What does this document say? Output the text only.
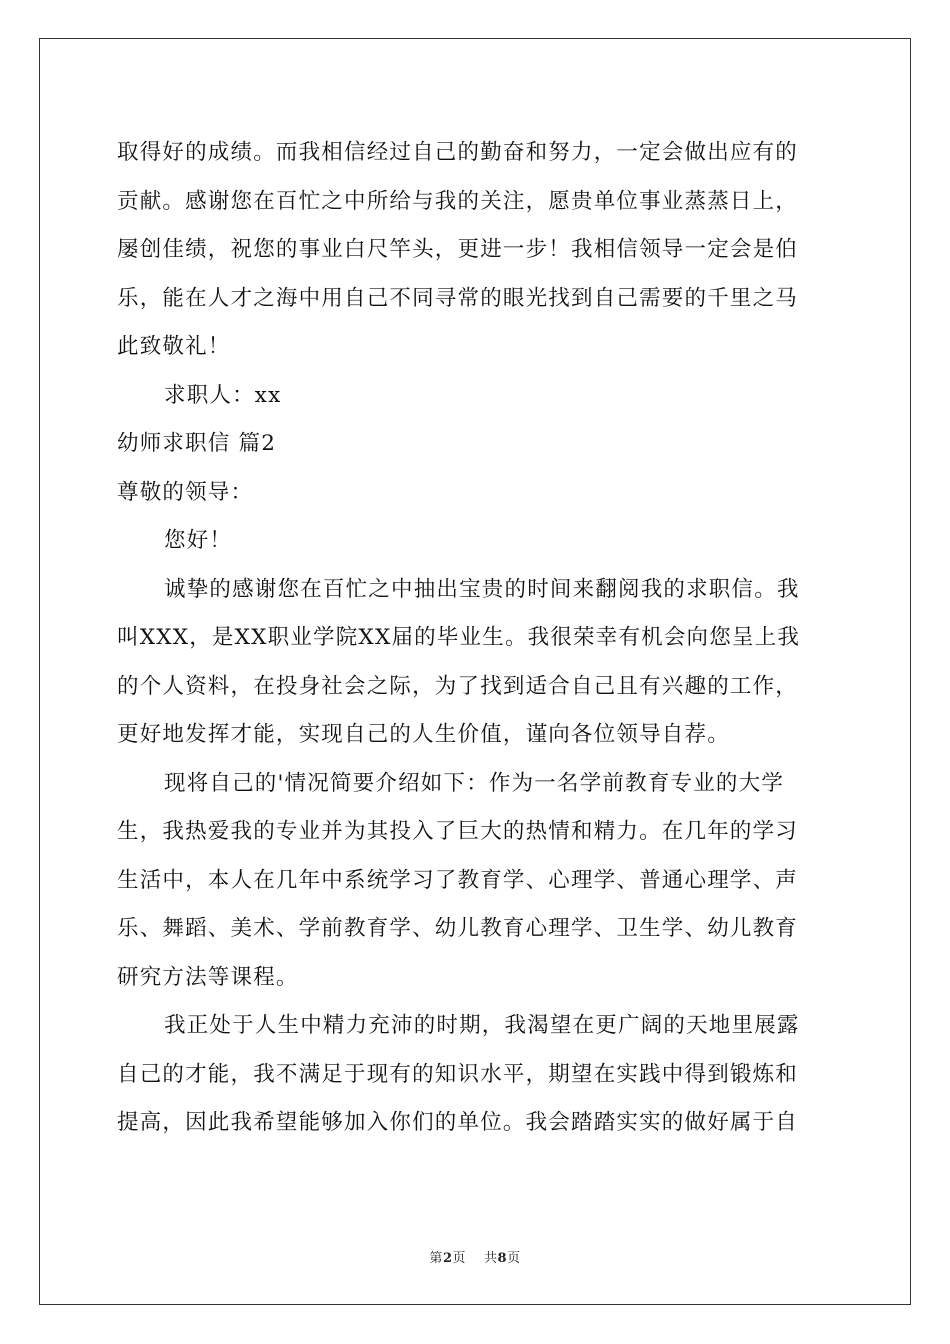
取得好的成绩。而我相信经过自己的勤奋和努力，一定会做出应有的
贡献。感谢您在百忙之中所给与我的关注，愿贵单位事业蒸蒸日上，
屡创佳绩，祝您的事业白尺竿头，更进一步！我相信领导一定会是伯
乐，能在人才之海中用自己不同寻常的眼光找到自己需要的千里之马
此致敬礼！
求职人：xx
幼师求职信 篇2
尊敬的领导：
您好！
诚挚的感谢您在百忙之中抽出宝贵的时间来翻阅我的求职信。我
叫XXX，是XX职业学院XX届的毕业生。我很荣幸有机会向您呈上我
的个人资料，在投身社会之际，为了找到适合自己且有兴趣的工作，
更好地发挥才能，实现自己的人生价值，谨向各位领导自荐。
现将自己的'情况简要介绍如下：作为一名学前教育专业的大学
生，我热爱我的专业并为其投入了巨大的热情和精力。在几年的学习
生活中，本人在几年中系统学习了教育学、心理学、普通心理学、声
乐、舞蹈、美术、学前教育学、幼儿教育心理学、卫生学、幼儿教育
研究方法等课程。
我正处于人生中精力充沛的时期，我渴望在更广阔的天地里展露
自己的才能，我不满足于现有的知识水平，期望在实践中得到锻炼和
提高，因此我希望能够加入你们的单位。我会踏踏实实的做好属于自
第2页 共8页
